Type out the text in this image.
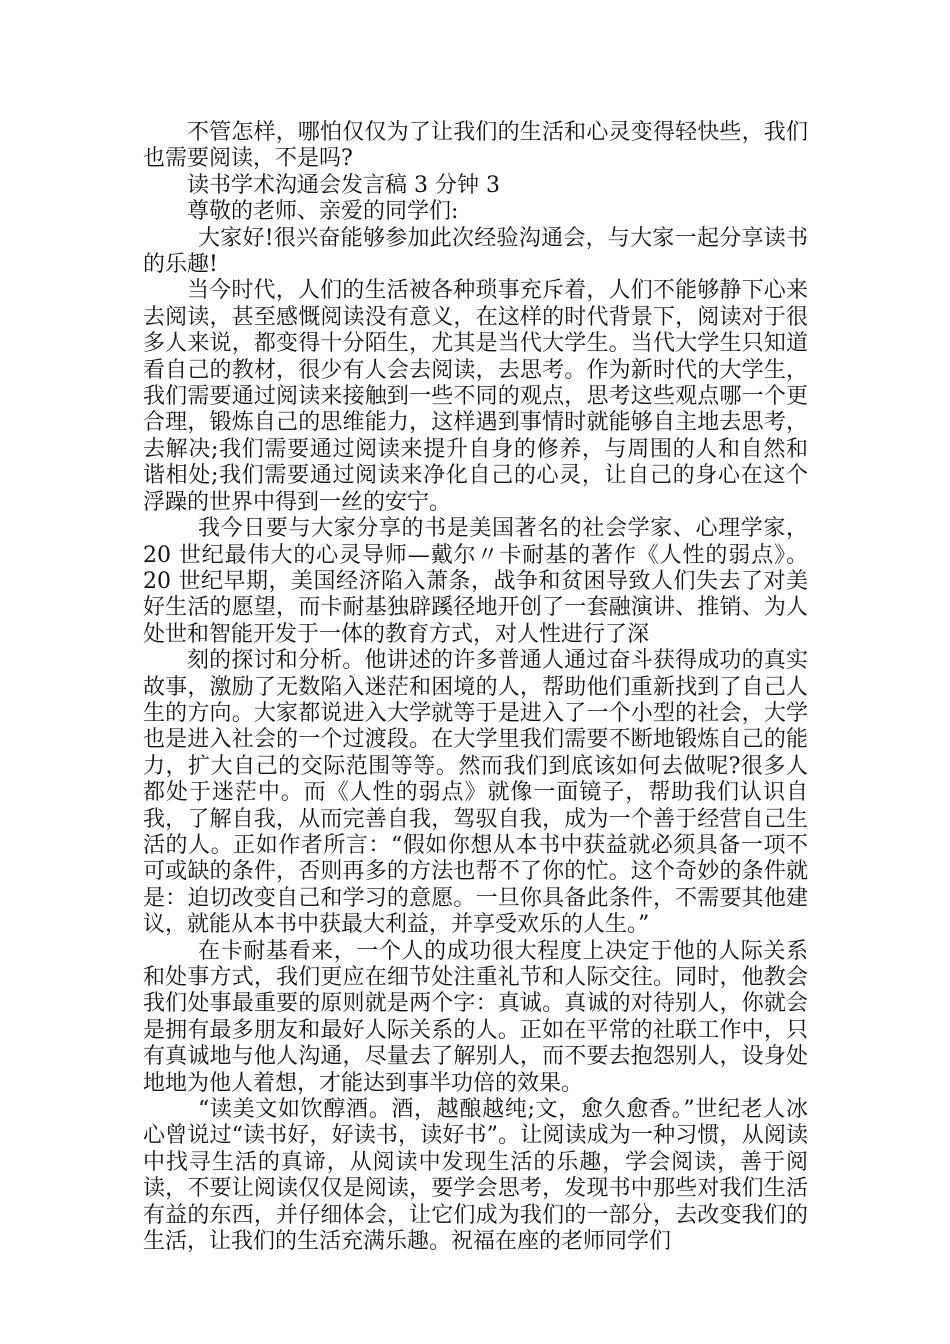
不管怎样，哪怕仅仅为了让我们的生活和心灵变得轻快些，我们也需要阅读，不是吗?

读书学术沟通会发言稿 3 分钟 3

尊敬的老师、亲爱的同学们:

大家好!很兴奋能够参加此次经验沟通会，与大家一起分享读书的乐趣!

当今时代，人们的生活被各种琐事充斥着，人们不能够静下心来去阅读，甚至感慨阅读没有意义，在这样的时代背景下，阅读对于很多人来说，都变得十分陌生，尤其是当代大学生。当代大学生只知道看自己的教材，很少有人会去阅读，去思考。作为新时代的大学生，我们需要通过阅读来接触到一些不同的观点，思考这些观点哪一个更合理，锻炼自己的思维能力，这样遇到事情时就能够自主地去思考，去解决;我们需要通过阅读来提升自身的修养，与周围的人和自然和谐相处;我们需要通过阅读来净化自己的心灵，让自己的身心在这个浮躁的世界中得到一丝的安宁。

我今日要与大家分享的书是美国著名的社会学家、心理学家，20 世纪最伟大的心灵导师—戴尔〃卡耐基的著作《人性的弱点》。20 世纪早期，美国经济陷入萧条，战争和贫困导致人们失去了对美好生活的愿望，而卡耐基独辟蹊径地开创了一套融演讲、推销、为人处世和智能开发于一体的教育方式，对人性进行了深

刻的探讨和分析。他讲述的许多普通人通过奋斗获得成功的真实故事，激励了无数陷入迷茫和困境的人，帮助他们重新找到了自己人生的方向。大家都说进入大学就等于是进入了一个小型的社会，大学也是进入社会的一个过渡段。在大学里我们需要不断地锻炼自己的能力，扩大自己的交际范围等等。然而我们到底该如何去做呢?很多人都处于迷茫中。而《人性的弱点》就像一面镜子，帮助我们认识自我，了解自我，从而完善自我，驾驭自我，成为一个善于经营自己生活的人。正如作者所言：“假如你想从本书中获益就必须具备一项不可或缺的条件，否则再多的方法也帮不了你的忙。这个奇妙的条件就是：迫切改变自己和学习的意愿。一旦你具备此条件，不需要其他建议，就能从本书中获最大利益，并享受欢乐的人生。”

在卡耐基看来，一个人的成功很大程度上决定于他的人际关系和处事方式，我们更应在细节处注重礼节和人际交往。同时，他教会我们处事最重要的原则就是两个字：真诚。真诚的对待别人，你就会是拥有最多朋友和最好人际关系的人。正如在平常的社联工作中，只有真诚地与他人沟通，尽量去了解别人，而不要去抱怨别人，设身处地地为他人着想，才能达到事半功倍的效果。

“读美文如饮醇酒。酒，越酿越纯;文，愈久愈香。”世纪老人冰心曾说过“读书好，好读书，读好书”。让阅读成为一种习惯，从阅读中找寻生活的真谛，从阅读中发现生活的乐趣，学会阅读，善于阅读，不要让阅读仅仅是阅读，要学会思考，发现书中那些对我们生活有益的东西，并仔细体会，让它们成为我们的一部分，去改变我们的生活，让我们的生活充满乐趣。祝福在座的老师同学们
